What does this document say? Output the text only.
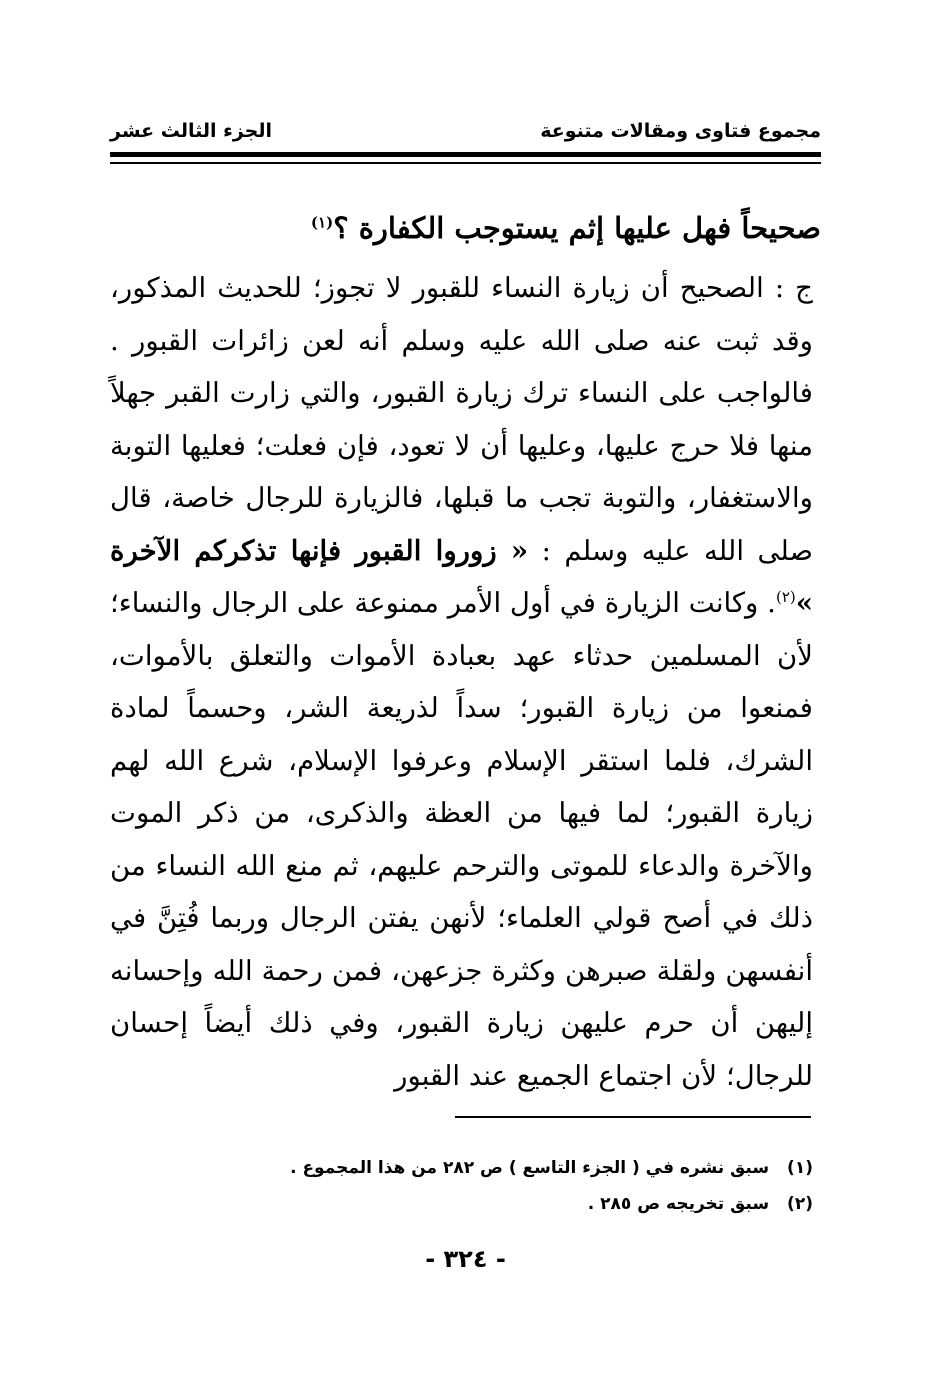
مجموع فتاوى ومقالات متنوعة
الجزء الثالث عشر
صحيحاً فهل عليها إثم يستوجب الكفارة ؟$^{(١)}$

ج : الصحيح أن زيارة النساء للقبور لا تجوز؛ للحديث المذكور، وقد ثبت عنه صلى الله عليه وسلم أنه لعن زائرات القبور . فالواجب على النساء ترك زيارة القبور، والتي زارت القبر جهلاً منها فلا حرج عليها، وعليها أن لا تعود، فإن فعلت؛ فعليها التوبة والاستغفار، والتوبة تجب ما قبلها، فالزيارة للرجال خاصة، قال صلى الله عليه وسلم : « زوروا القبور فإنها تذكركم الآخرة »$^{(٢)}$. وكانت الزيارة في أول الأمر ممنوعة على الرجال والنساء؛ لأن المسلمين حدثاء عهد بعبادة الأموات والتعلق بالأموات، فمنعوا من زيارة القبور؛ سداً لذريعة الشر، وحسماً لمادة الشرك، فلما استقر الإسلام وعرفوا الإسلام، شرع الله لهم زيارة القبور؛ لما فيها من العظة والذكرى، من ذكر الموت والآخرة والدعاء للموتى والترحم عليهم، ثم منع الله النساء من ذلك في أصح قولي العلماء؛ لأنهن يفتن الرجال وربما فُتِنَّ في أنفسهن ولقلة صبرهن وكثرة جزعهن، فمن رحمة الله وإحسانه إليهن أن حرم عليهن زيارة القبور، وفي ذلك أيضاً إحسان للرجال؛ لأن اجتماع الجميع عند القبور

(١) سبق نشره في ( الجزء التاسع ) ص ٢٨٢ من هذا المجموع .
(٢) سبق تخريجه ص ٢٨٥ .
- ٣٢٤ -
